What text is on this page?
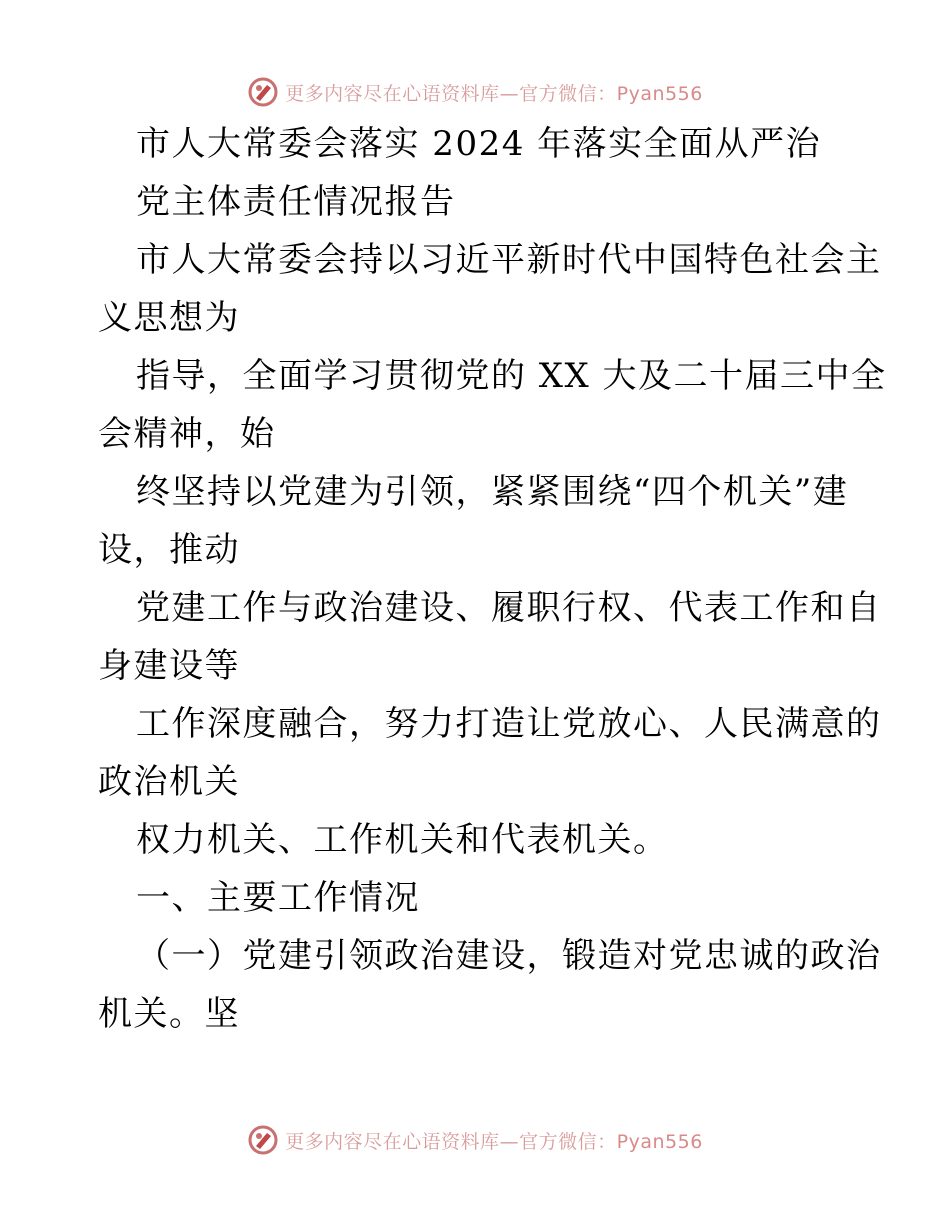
更多内容尽在心语资料库—官方微信：Pyan556
市人大常委会落实 2024 年落实全面从严治
党主体责任情况报告
市人大常委会持以习近平新时代中国特色社会主
义思想为
指导，全面学习贯彻党的 XX 大及二十届三中全
会精神，始
终坚持以党建为引领，紧紧围绕“四个机关”建
设，推动
党建工作与政治建设、履职行权、代表工作和自
身建设等
工作深度融合，努力打造让党放心、人民满意的
政治机关
权力机关、工作机关和代表机关。
一、主要工作情况
（一）党建引领政治建设，锻造对党忠诚的政治
机关。坚
更多内容尽在心语资料库—官方微信：Pyan556
